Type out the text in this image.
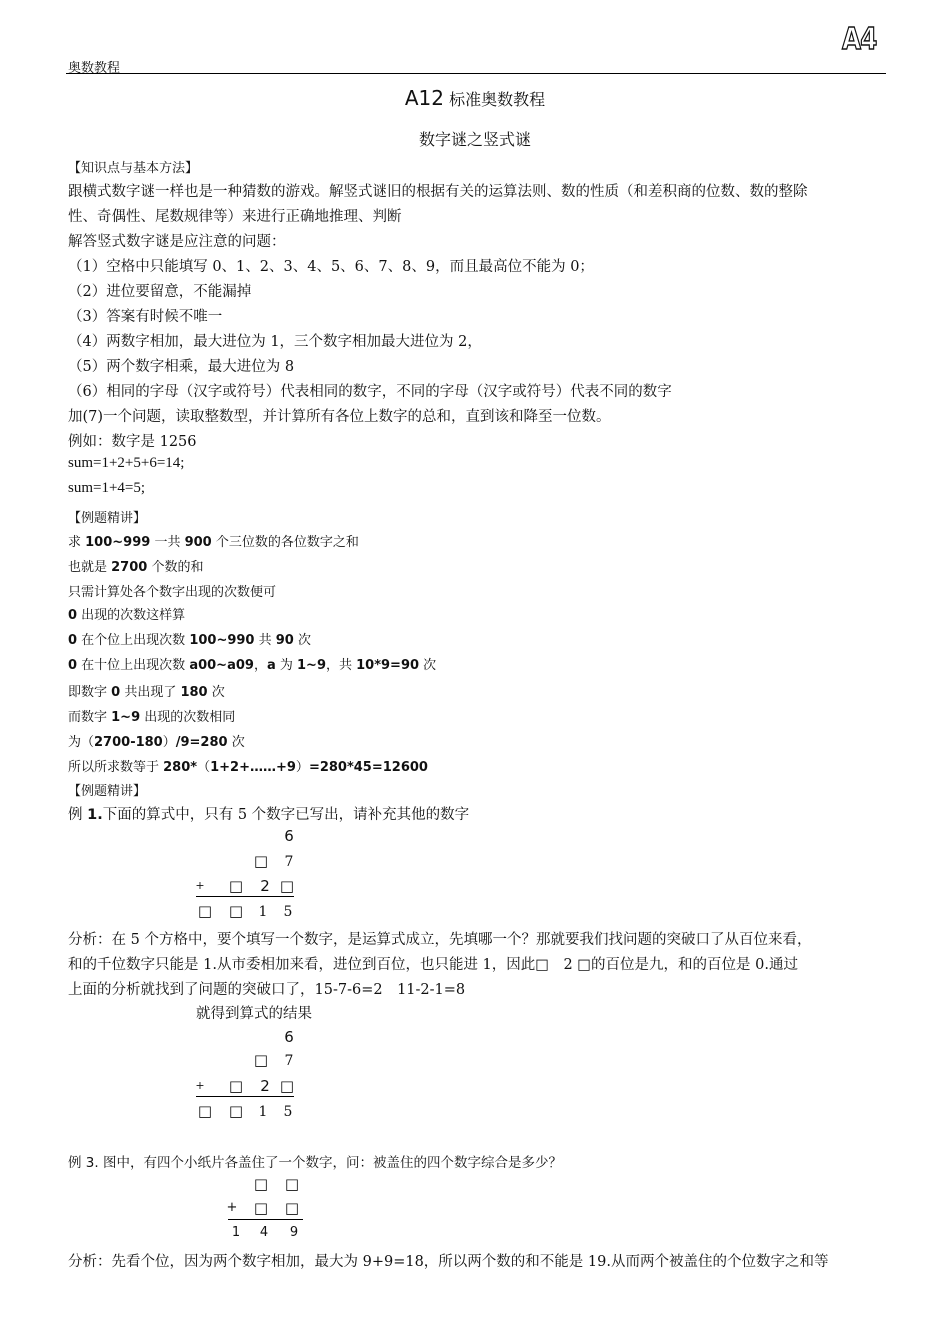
奥数教程
A4
A12 标准奥数教程
数字谜之竖式谜
【知识点与基本方法】
跟横式数字谜一样也是一种猜数的游戏。解竖式谜旧的根据有关的运算法则、数的性质（和差积商的位数、数的整除
性、奇偶性、尾数规律等）来进行正确地推理、判断
解答竖式数字谜是应注意的问题：
（1）空格中只能填写 0、1、2、3、4、5、6、7、8、9，而且最高位不能为 0；
（2）进位要留意，不能漏掉
（3）答案有时候不唯一
（4）两数字相加，最大进位为 1，三个数字相加最大进位为 2，
（5）两个数字相乘，最大进位为 8
（6）相同的字母（汉字或符号）代表相同的数字，不同的字母（汉字或符号）代表不同的数字
加(7)一个问题，读取整数型，并计算所有各位上数字的总和，直到该和降至一位数。
例如：数字是 1256
sum=1+2+5+6=14;
sum=1+4=5;
【例题精讲】
求 100~999 一共 900 个三位数的各位数字之和
也就是 2700 个数的和
只需计算处各个数字出现的次数便可
0 出现的次数这样算
0 在个位上出现次数 100~990 共 90 次
0 在十位上出现次数 a00~a09，a 为 1~9，共 10*9=90 次
即数字 0 共出现了 180 次
而数字 1~9 出现的次数相同
为（2700-180）/9=280 次
所以所求数等于 280*（1+2+……+9）=280*45=12600
【例题精讲】
例 1.下面的算式中，只有 5 个数字已写出，请补充其他的数字
6
□	7
+	□	2 □
□ □	1	5
分析：在 5 个方格中，要个填写一个数字，是运算式成立，先填哪一个？那就要我们找问题的突破口了从百位来看，
和的千位数字只能是 1.从市委相加来看，进位到百位，也只能进 1，因此□　2 □的百位是九，和的百位是 0.通过
上面的分析就找到了问题的突破口了，15-7-6=2　11-2-1=8
就得到算式的结果
6
□	7
+	□	2 □
□ □	1	5
例 3. 图中，有四个小纸片各盖住了一个数字，问：被盖住的四个数字综合是多少？
□ □
+	□ □
1	4	9
分析：先看个位，因为两个数字相加，最大为 9+9=18，所以两个数的和不能是 19.从而两个被盖住的个位数字之和等
